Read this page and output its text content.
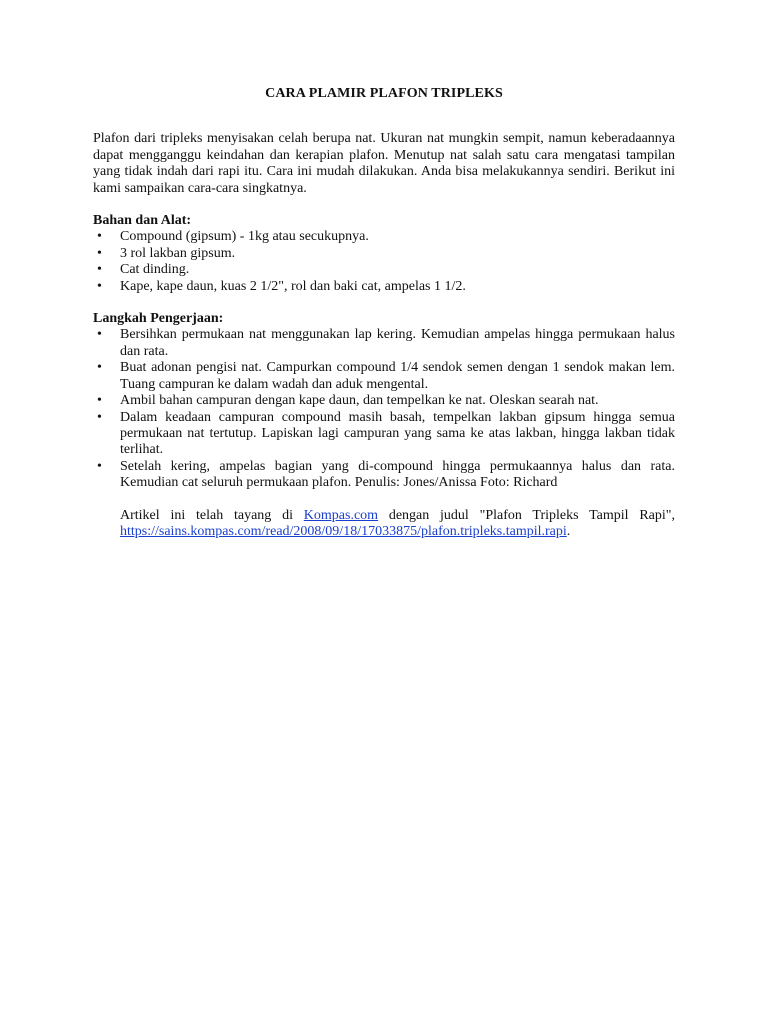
CARA PLAMIR PLAFON TRIPLEKS

Plafon dari tripleks menyisakan celah berupa nat. Ukuran nat mungkin sempit, namun keberadaannya dapat mengganggu keindahan dan kerapian plafon. Menutup nat salah satu cara mengatasi tampilan yang tidak indah dari rapi itu. Cara ini mudah dilakukan. Anda bisa melakukannya sendiri. Berikut ini kami sampaikan cara-cara singkatnya.

Bahan dan Alat:
• Compound (gipsum) - 1kg atau secukupnya.
• 3 rol lakban gipsum.
• Cat dinding.
• Kape, kape daun, kuas 2 1/2", rol dan baki cat, ampelas 1 1/2.
Langkah Pengerjaan:
• Bersihkan permukaan nat menggunakan lap kering. Kemudian ampelas hingga permukaan halus dan rata.
• Buat adonan pengisi nat. Campurkan compound 1/4 sendok semen dengan 1 sendok makan lem. Tuang campuran ke dalam wadah dan aduk mengental.
• Ambil bahan campuran dengan kape daun, dan tempelkan ke nat. Oleskan searah nat.
• Dalam keadaan campuran compound masih basah, tempelkan lakban gipsum hingga semua permukaan nat tertutup. Lapiskan lagi campuran yang sama ke atas lakban, hingga lakban tidak terlihat.
• Setelah kering, ampelas bagian yang di-compound hingga permukaannya halus dan rata. Kemudian cat seluruh permukaan plafon. Penulis: Jones/Anissa Foto: Richard

Artikel ini telah tayang di Kompas.com dengan judul "Plafon Tripleks Tampil Rapi", https://sains.kompas.com/read/2008/09/18/17033875/plafon.tripleks.tampil.rapi.
